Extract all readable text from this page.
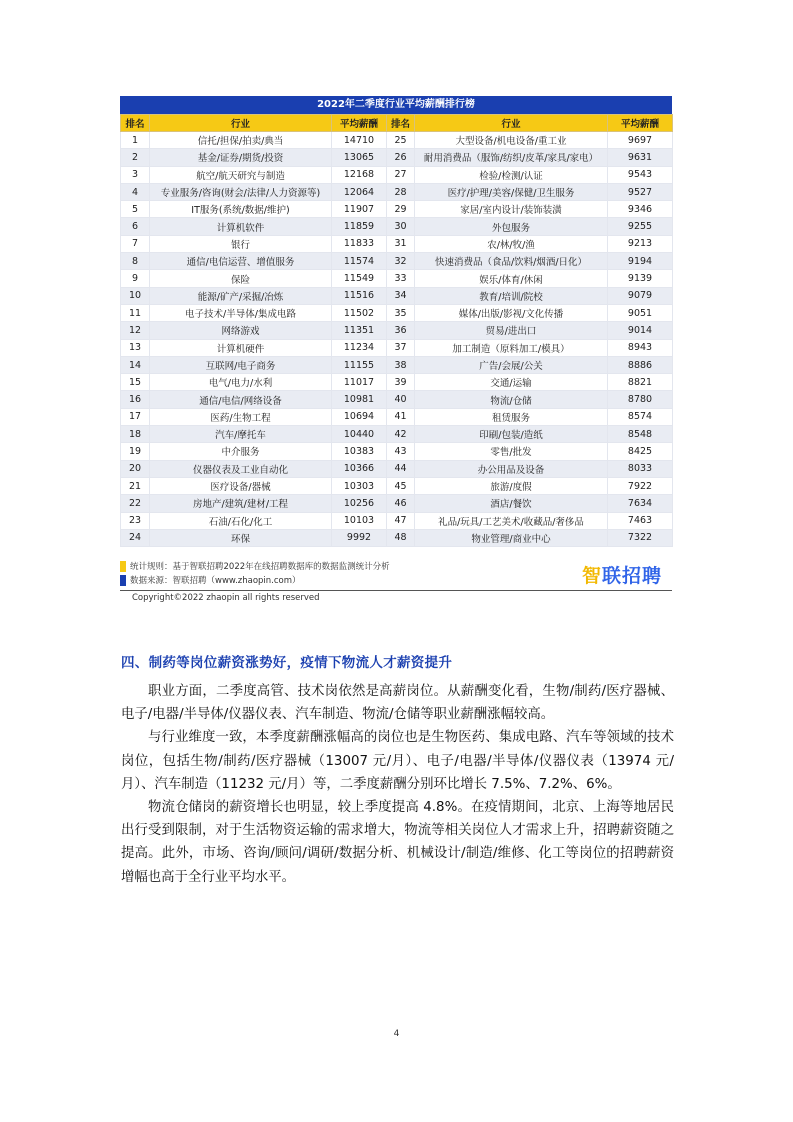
2022年二季度行业平均薪酬排行榜
排名	行业	平均薪酬	排名	行业	平均薪酬
1	信托/担保/拍卖/典当	14710	25	大型设备/机电设备/重工业	9697
2	基金/证券/期货/投资	13065	26	耐用消费品（服饰/纺织/皮革/家具/家电）	9631
3	航空/航天研究与制造	12168	27	检验/检测/认证	9543
4	专业服务/咨询(财会/法律/人力资源等)	12064	28	医疗/护理/美容/保健/卫生服务	9527
5	IT服务(系统/数据/维护)	11907	29	家居/室内设计/装饰装潢	9346
6	计算机软件	11859	30	外包服务	9255
7	银行	11833	31	农/林/牧/渔	9213
8	通信/电信运营、增值服务	11574	32	快速消费品（食品/饮料/烟酒/日化）	9194
9	保险	11549	33	娱乐/体育/休闲	9139
10	能源/矿产/采掘/冶炼	11516	34	教育/培训/院校	9079
11	电子技术/半导体/集成电路	11502	35	媒体/出版/影视/文化传播	9051
12	网络游戏	11351	36	贸易/进出口	9014
13	计算机硬件	11234	37	加工制造（原料加工/模具）	8943
14	互联网/电子商务	11155	38	广告/会展/公关	8886
15	电气/电力/水利	11017	39	交通/运输	8821
16	通信/电信/网络设备	10981	40	物流/仓储	8780
17	医药/生物工程	10694	41	租赁服务	8574
18	汽车/摩托车	10440	42	印刷/包装/造纸	8548
19	中介服务	10383	43	零售/批发	8425
20	仪器仪表及工业自动化	10366	44	办公用品及设备	8033
21	医疗设备/器械	10303	45	旅游/度假	7922
22	房地产/建筑/建材/工程	10256	46	酒店/餐饮	7634
23	石油/石化/化工	10103	47	礼品/玩具/工艺美术/收藏品/奢侈品	7463
24	环保	9992	48	物业管理/商业中心	7322
统计规则：基于智联招聘2022年在线招聘数据库的数据监测统计分析
数据来源：智联招聘（www.zhaopin.com）	智联招聘
Copyright©2022 zhaopin all rights reserved
四、制药等岗位薪资涨势好，疫情下物流人才薪资提升

职业方面，二季度高管、技术岗依然是高薪岗位。从薪酬变化看，生物/制药/医疗器械、电子/电器/半导体/仪器仪表、汽车制造、物流/仓储等职业薪酬涨幅较高。

与行业维度一致，本季度薪酬涨幅高的岗位也是生物医药、集成电路、汽车等领域的技术岗位，包括生物/制药/医疗器械（13007 元/月）、电子/电器/半导体/仪器仪表（13974 元/月）、汽车制造（11232 元/月）等，二季度薪酬分别环比增长 7.5%、7.2%、6%。

物流仓储岗的薪资增长也明显，较上季度提高 4.8%。在疫情期间，北京、上海等地居民出行受到限制，对于生活物资运输的需求增大，物流等相关岗位人才需求上升，招聘薪资随之提高。此外，市场、咨询/顾问/调研/数据分析、机械设计/制造/维修、化工等岗位的招聘薪资增幅也高于全行业平均水平。

4
